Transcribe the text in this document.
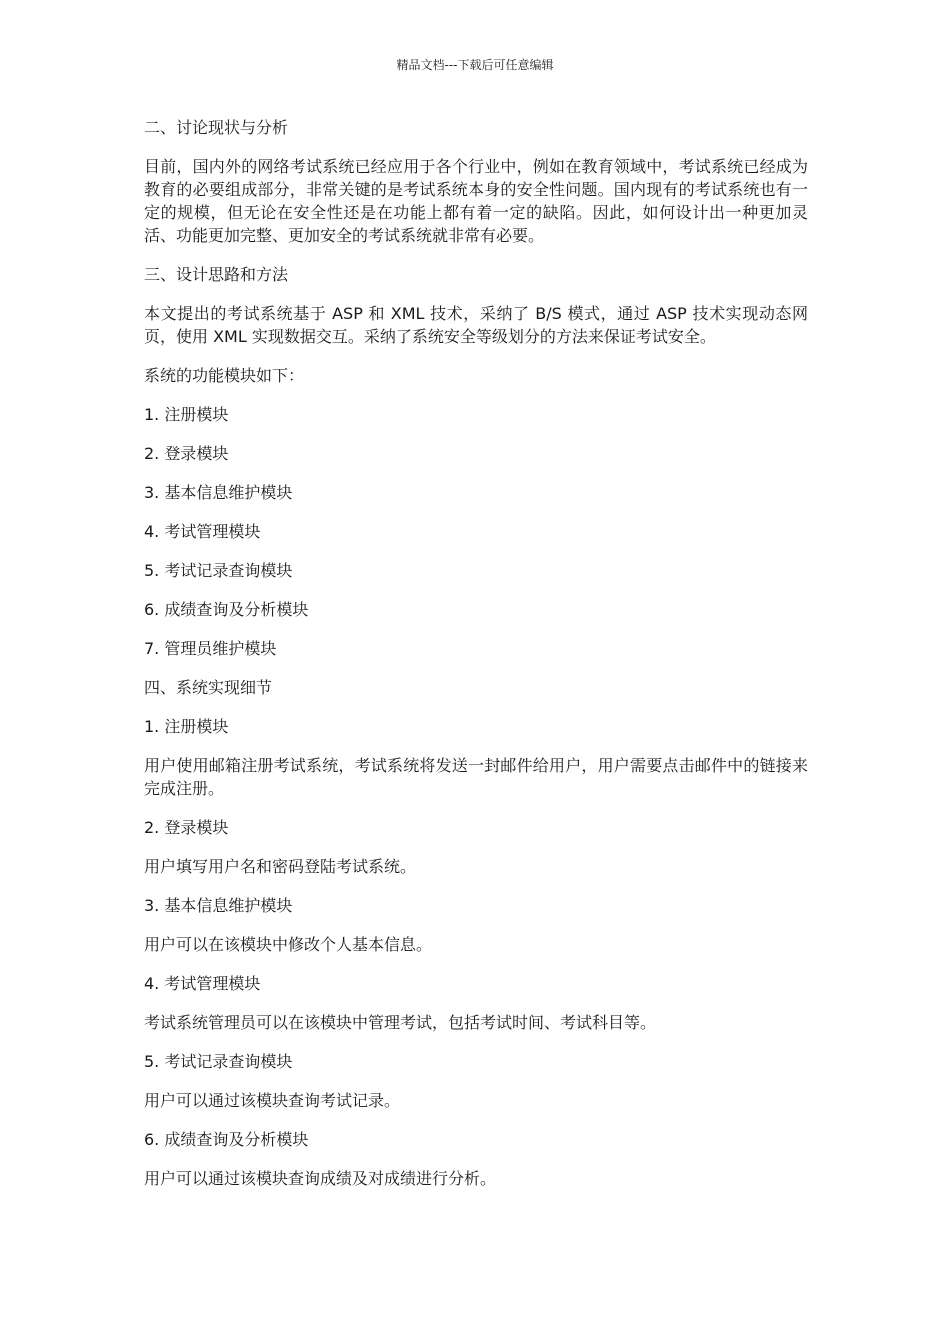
精品文档---下载后可任意编辑

二、讨论现状与分析

目前，国内外的网络考试系统已经应用于各个行业中，例如在教育领域中，考试系统已经成为教育的必要组成部分，非常关键的是考试系统本身的安全性问题。国内现有的考试系统也有一定的规模，但无论在安全性还是在功能上都有着一定的缺陷。因此，如何设计出一种更加灵活、功能更加完整、更加安全的考试系统就非常有必要。

三、设计思路和方法

本文提出的考试系统基于 ASP 和 XML 技术，采纳了 B/S 模式，通过 ASP 技术实现动态网页，使用 XML 实现数据交互。采纳了系统安全等级划分的方法来保证考试安全。

系统的功能模块如下：

1. 注册模块

2. 登录模块

3. 基本信息维护模块

4. 考试管理模块

5. 考试记录查询模块

6. 成绩查询及分析模块

7. 管理员维护模块

四、系统实现细节

1. 注册模块

用户使用邮箱注册考试系统，考试系统将发送一封邮件给用户，用户需要点击邮件中的链接来完成注册。

2. 登录模块

用户填写用户名和密码登陆考试系统。

3. 基本信息维护模块

用户可以在该模块中修改个人基本信息。

4. 考试管理模块

考试系统管理员可以在该模块中管理考试，包括考试时间、考试科目等。

5. 考试记录查询模块

用户可以通过该模块查询考试记录。

6. 成绩查询及分析模块

用户可以通过该模块查询成绩及对成绩进行分析。
